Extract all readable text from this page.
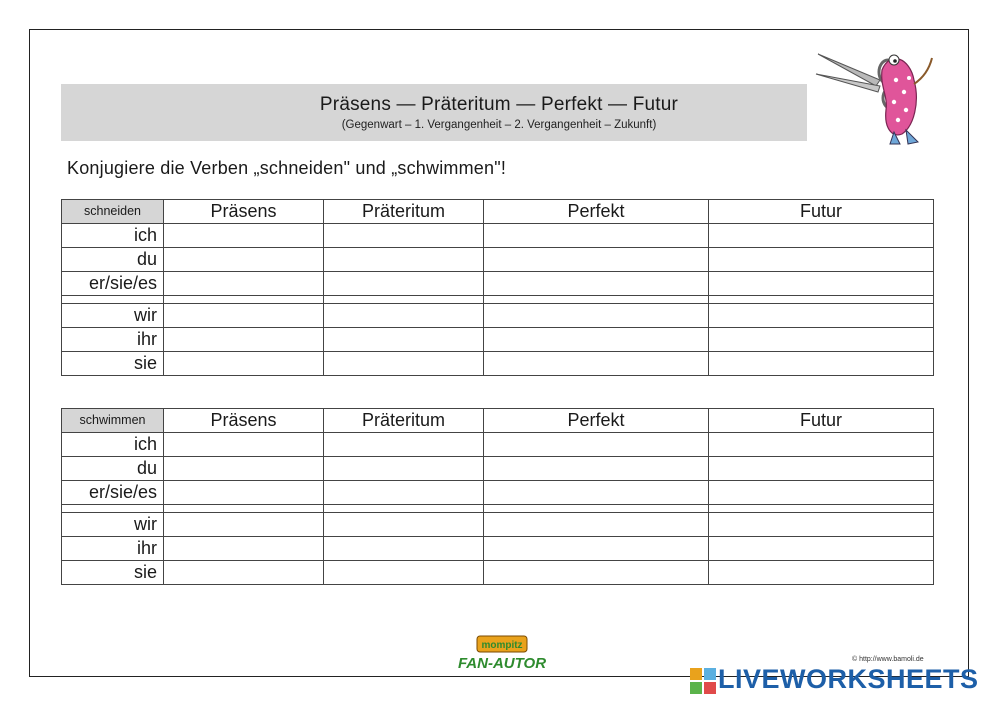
Präsens — Präteritum — Perfekt — Futur
(Gegenwart – 1. Vergangenheit – 2. Vergangenheit – Zukunft)
Konjugiere die Verben „schneiden" und „schwimmen"!
schneiden	Präsens	Präteritum	Perfekt	Futur
ich				
du				
er/sie/es				

wir				
ihr				
sie				
schwimmen	Präsens	Präteritum	Perfekt	Futur
ich				
du				
er/sie/es				

wir				
ihr				
sie				
mompitz
FAN-AUTOR	© http://www.bamoli.de
LIVEWORKSHEETS
